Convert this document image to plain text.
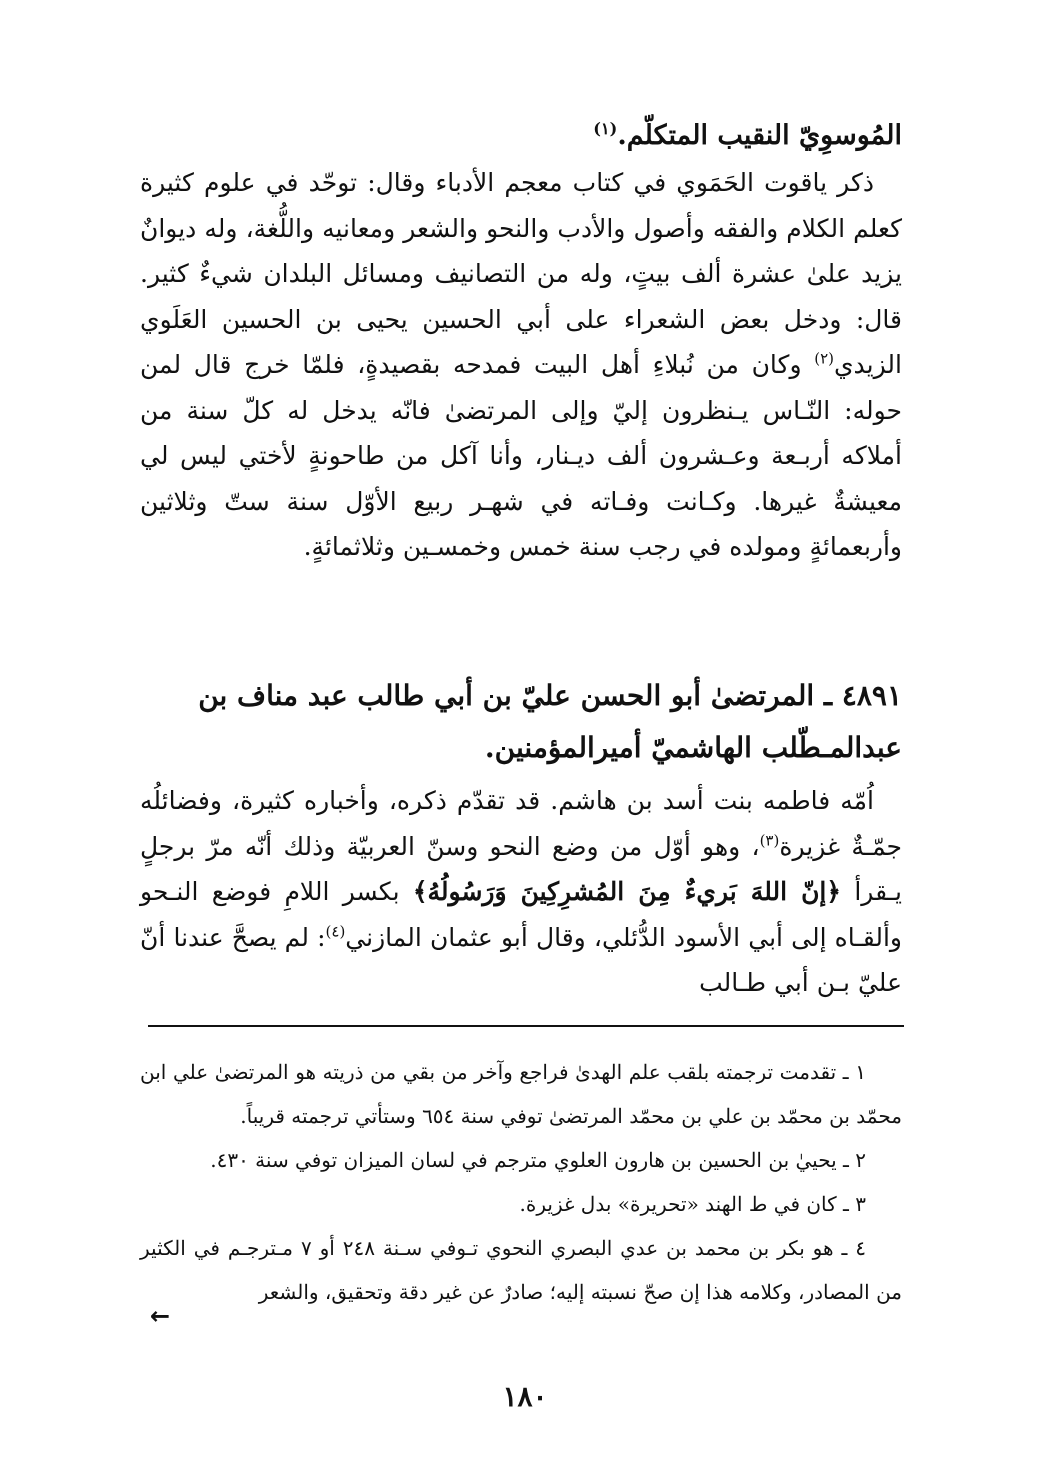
المُوسوِيّ النقيب المتكلّم.$^{(١)}$

ذكر ياقوت الحَمَوي في كتاب معجم الأدباء وقال: توحّد في علوم كثيرة كعلم الكلام والفقه وأصول والأدب والنحو والشعر ومعانيه واللُّغة، وله ديوانٌ يزيد علىٰ عشرة ألف بيتٍ، وله من التصانيف ومسائل البلدان شيءٌ كثير. قال: ودخل بعض الشعراء على أبي الحسين يحيى بن الحسين العَلَوي الزيدي$^{(٢)}$ وكان من نُبلاءِ أهل البيت فمدحه بقصيدةٍ، فلمّا خرج قال لمن حوله: النّـاس يـنظرون إليّ وإلى المرتضىٰ فانّه يدخل له كلّ سنة من أملاكه أربـعة وعـشرون ألف ديـنار، وأنا آكل من طاحونةٍ لأختي ليس لي معيشةٌ غيرها. وكـانت وفـاته في شهـر ربيع الأوّل سنة ستّ وثلاثين وأربعمائةٍ ومولده في رجب سنة خمس وخمسـين وثلاثمائةٍ.

٤٨٩١ ـ المرتضىٰ أبو الحسن عليّ بن أبي طالب عبد مناف بن عبدالمـطّلب الهاشميّ أميرالمؤمنين.

اُمّه فاطمه بنت أسد بن هاشم. قد تقدّم ذكره، وأخباره كثيرة، وفضائلُه جمّـةٌ غزيرة$^{(٣)}$، وهو أوّل من وضع النحو وسنّ العربيّة وذلك أنّه مرّ برجلٍ يـقرأ ﴿إنّ اللهَ بَريءٌ مِنَ المُشرِكِينَ وَرَسُولُهُ﴾ بكسر اللامِ فوضع النـحو وألقـاه إلى أبي الأسود الدُّئلي، وقال أبو عثمان المازني$^{(٤)}$: لم يصحَّ عندنا أنّ عليّ بـن أبي طـالب

١ ـ تقدمت ترجمته بلقب علم الهدىٰ فراجع وآخر من بقي من ذريته هو المرتضىٰ علي ابن محمّد بن محمّد بن علي بن محمّد المرتضىٰ توفي سنة ٦٥٤ وستأتي ترجمته قريباً.

٢ ـ يحييٰ بن الحسين بن هارون العلوي مترجم في لسان الميزان توفي سنة ٤٣٠.

٣ ـ كان في ط الهند «تحريرة» بدل غزيرة.

٤ ـ هو بكر بن محمد بن عدي البصري النحوي تـوفي سـنة ٢٤٨ أو ٧ مـترجـم في الكثير من المصادر، وكلامه هذا إن صحّ نسبته إليه؛ صادرٌ عن غير دقة وتحقيق، والشعر

←
١٨٠
